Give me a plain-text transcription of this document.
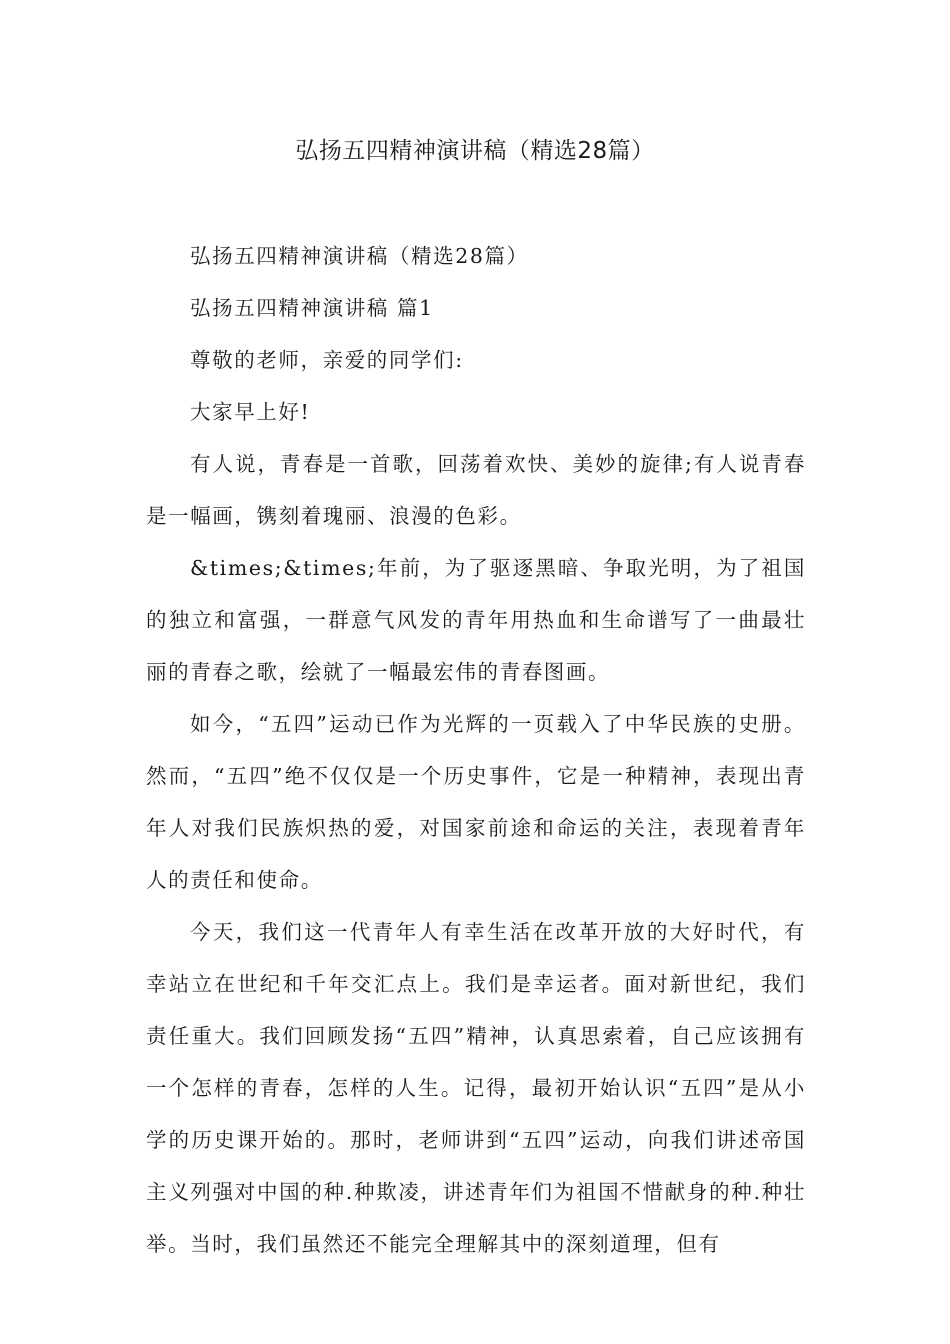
弘扬五四精神演讲稿（精选28篇）

弘扬五四精神演讲稿（精选28篇）

弘扬五四精神演讲稿 篇1

尊敬的老师，亲爱的同学们:

大家早上好!

有人说，青春是一首歌，回荡着欢快、美妙的旋律;有人说青春是一幅画，镌刻着瑰丽、浪漫的色彩。

&times;&times;年前，为了驱逐黑暗、争取光明，为了祖国的独立和富强，一群意气风发的青年用热血和生命谱写了一曲最壮丽的青春之歌，绘就了一幅最宏伟的青春图画。

如今，“五四”运动已作为光辉的一页载入了中华民族的史册。然而，“五四”绝不仅仅是一个历史事件，它是一种精神，表现出青年人对我们民族炽热的爱，对国家前途和命运的关注，表现着青年人的责任和使命。

今天，我们这一代青年人有幸生活在改革开放的大好时代，有幸站立在世纪和千年交汇点上。我们是幸运者。面对新世纪，我们责任重大。我们回顾发扬“五四”精神，认真思索着，自己应该拥有一个怎样的青春，怎样的人生。记得，最初开始认识“五四”是从小学的历史课开始的。那时，老师讲到“五四”运动，向我们讲述帝国主义列强对中国的种.种欺凌，讲述青年们为祖国不惜献身的种.种壮举。当时，我们虽然还不能完全理解其中的深刻道理，但有
